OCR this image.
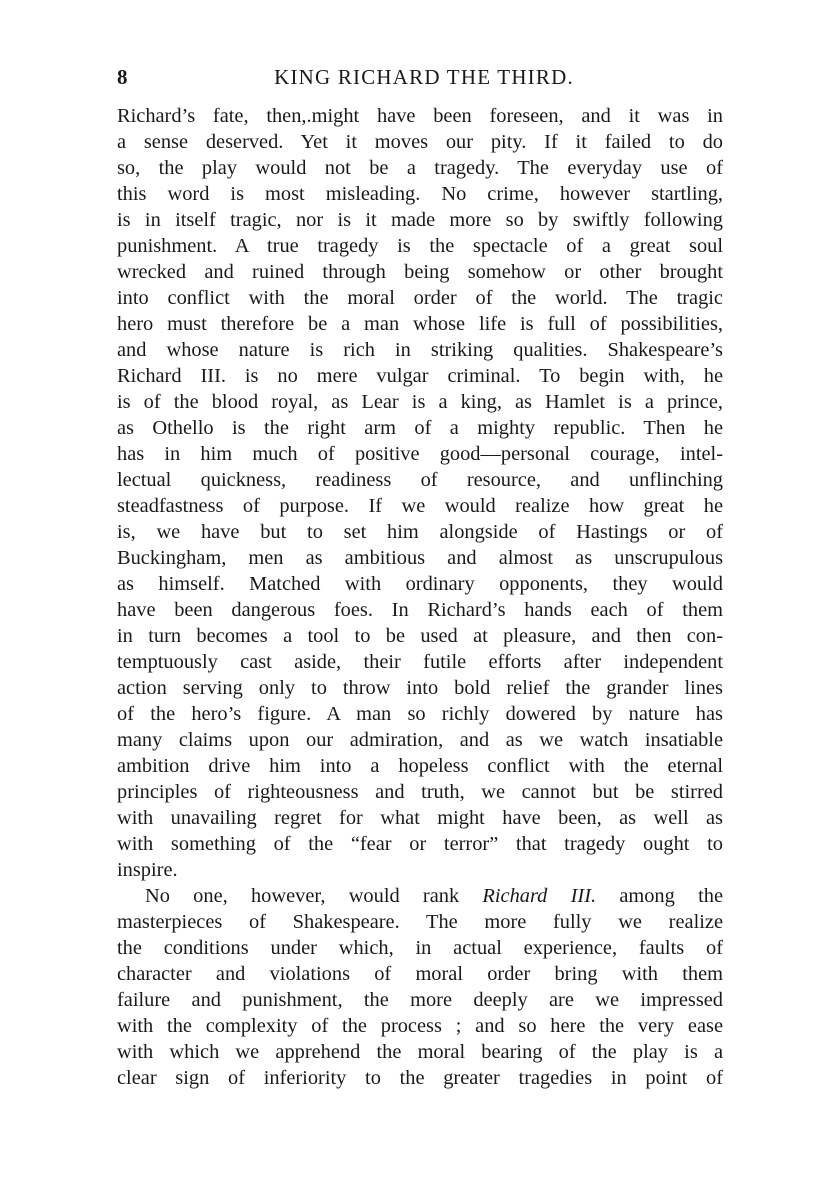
8	KING RICHARD THE THIRD.
Richard’s fate, then,.might have been foreseen, and it was in
a sense deserved. Yet it moves our pity. If it failed to do
so, the play would not be a tragedy. The everyday use of
this word is most misleading. No crime, however startling,
is in itself tragic, nor is it made more so by swiftly following
punishment. A true tragedy is the spectacle of a great soul
wrecked and ruined through being somehow or other brought
into conflict with the moral order of the world. The tragic
hero must therefore be a man whose life is full of possibilities,
and whose nature is rich in striking qualities. Shakespeare’s
Richard III. is no mere vulgar criminal. To begin with, he
is of the blood royal, as Lear is a king, as Hamlet is a prince,
as Othello is the right arm of a mighty republic. Then he
has in him much of positive good—personal courage, intel-
lectual quickness, readiness of resource, and unflinching
steadfastness of purpose. If we would realize how great he
is, we have but to set him alongside of Hastings or of
Buckingham, men as ambitious and almost as unscrupulous
as himself. Matched with ordinary opponents, they would
have been dangerous foes. In Richard’s hands each of them
in turn becomes a tool to be used at pleasure, and then con-
temptuously cast aside, their futile efforts after independent
action serving only to throw into bold relief the grander lines
of the hero’s figure. A man so richly dowered by nature has
many claims upon our admiration, and as we watch insatiable
ambition drive him into a hopeless conflict with the eternal
principles of righteousness and truth, we cannot but be stirred
with unavailing regret for what might have been, as well as
with something of the “fear or terror” that tragedy ought to
inspire.
No one, however, would rank Richard III. among the
masterpieces of Shakespeare. The more fully we realize
the conditions under which, in actual experience, faults of
character and violations of moral order bring with them
failure and punishment, the more deeply are we impressed
with the complexity of the process ; and so here the very ease
with which we apprehend the moral bearing of the play is a
clear sign of inferiority to the greater tragedies in point of
